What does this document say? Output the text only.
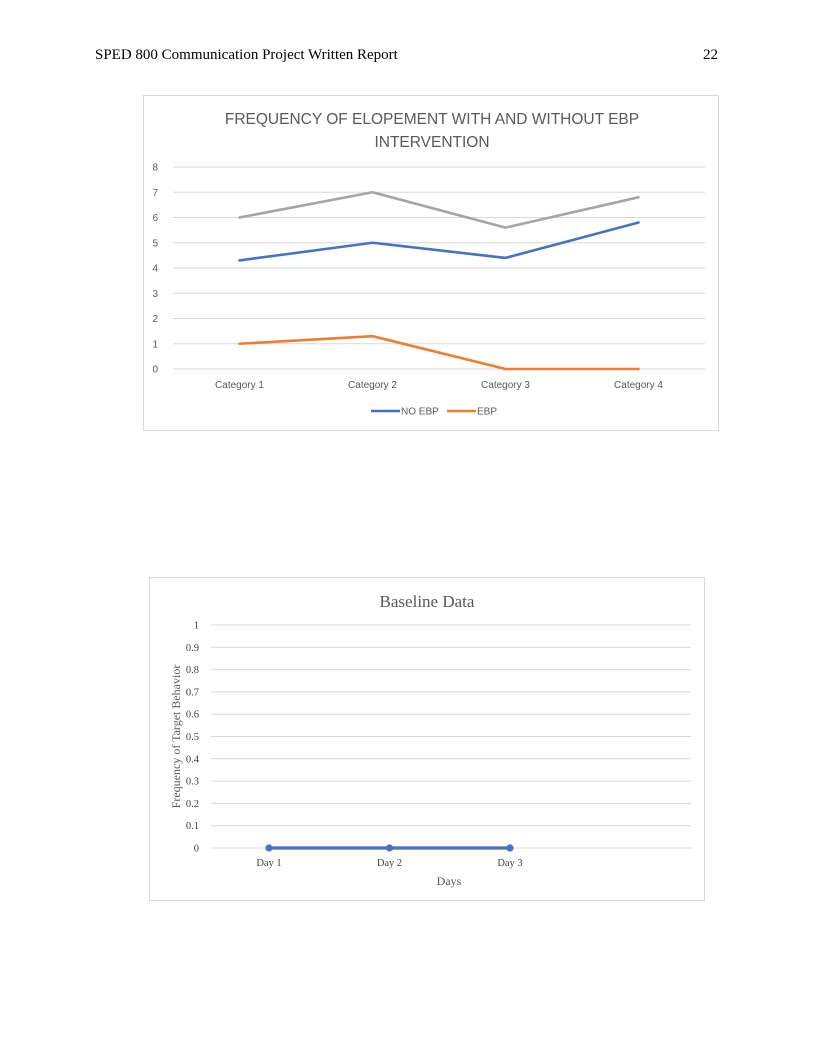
SPED 800 Communication Project Written Report	22
FREQUENCY OF ELOPEMENT WITH AND WITHOUT EBP
INTERVENTION
0
1
2
3
4
5
6
7
8
Category 1	Category 2	Category 3	Category 4
NO EBP	EBP
Baseline Data
0
0.1
0.2
0.3
0.4
0.5
0.6
0.7
0.8
0.9
1
Frequency of Target Behavior
Day 1	Day 2	Day 3
Days
